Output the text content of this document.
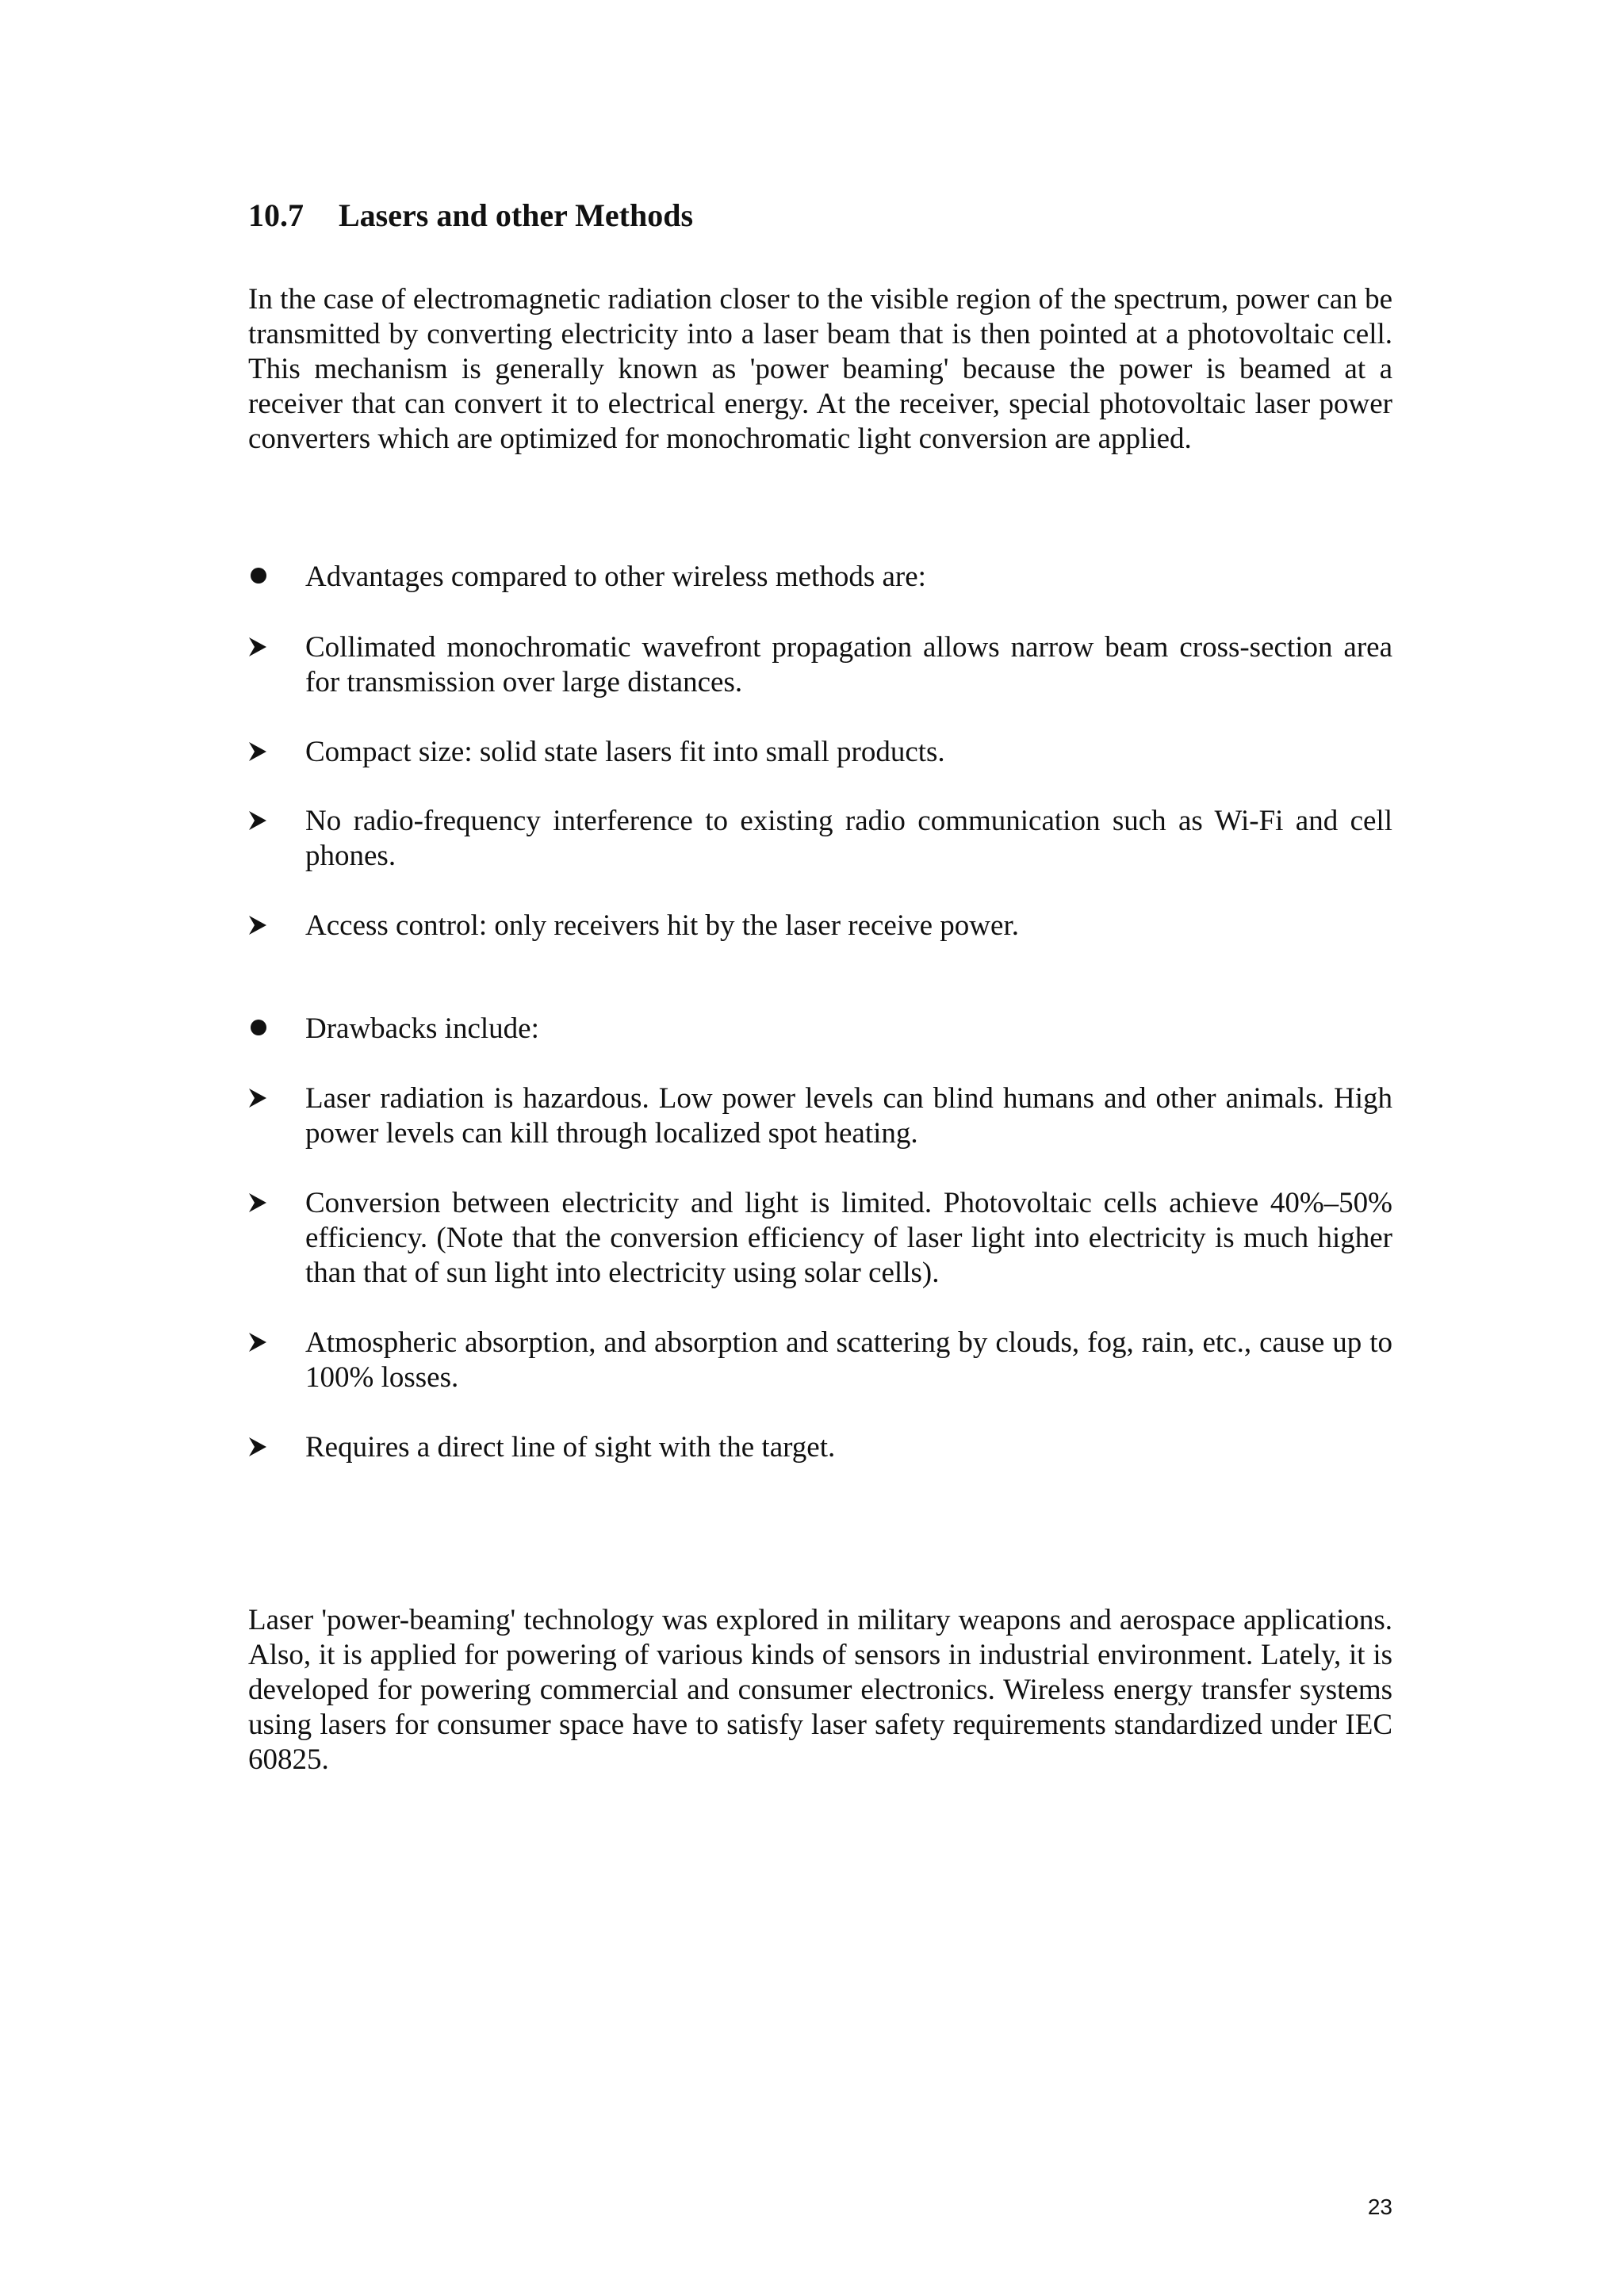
10.7 Lasers and other Methods

In the case of electromagnetic radiation closer to the visible region of the spectrum, power can be transmitted by converting electricity into a laser beam that is then pointed at a photovoltaic cell. This mechanism is generally known as 'power beaming' because the power is beamed at a receiver that can convert it to electrical energy. At the receiver, special photovoltaic laser power converters which are optimized for monochromatic light conversion are applied.

Advantages compared to other wireless methods are:
Collimated monochromatic wavefront propagation allows narrow beam cross-section area for transmission over large distances.
Compact size: solid state lasers fit into small products.
No radio-frequency interference to existing radio communication such as Wi-Fi and cell phones.
Access control: only receivers hit by the laser receive power.
Drawbacks include:
Laser radiation is hazardous. Low power levels can blind humans and other animals. High power levels can kill through localized spot heating.
Conversion between electricity and light is limited. Photovoltaic cells achieve 40%–50% efficiency. (Note that the conversion efficiency of laser light into electricity is much higher than that of sun light into electricity using solar cells).
Atmospheric absorption, and absorption and scattering by clouds, fog, rain, etc., cause up to 100% losses.
Requires a direct line of sight with the target.

Laser 'power-beaming' technology was explored in military weapons and aerospace applications. Also, it is applied for powering of various kinds of sensors in industrial environment. Lately, it is developed for powering commercial and consumer electronics. Wireless energy transfer systems using lasers for consumer space have to satisfy laser safety requirements standardized under IEC 60825.

23
